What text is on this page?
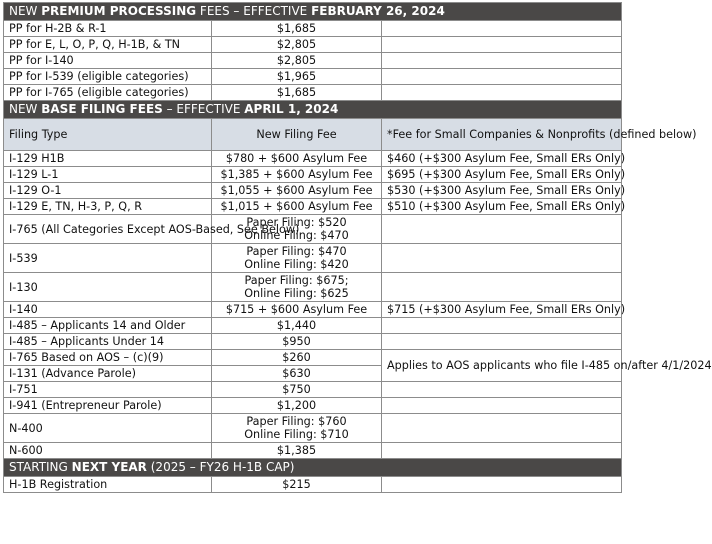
NEW PREMIUM PROCESSING FEES – EFFECTIVE FEBRUARY 26, 2024		
PP for H-2B & R-1	$1,685	
PP for E, L, O, P, Q, H-1B, & TN	$2,805	
PP for I-140	$2,805	
PP for I-539 (eligible categories)	$1,965	
PP for I-765 (eligible categories)	$1,685	
NEW BASE FILING FEES – EFFECTIVE APRIL 1, 2024		
Filing Type	New Filing Fee	*Fee for Small Companies & Nonprofits (defined below)
I-129 H1B	$780 + $600 Asylum Fee	$460 (+$300 Asylum Fee, Small ERs Only)
I-129 L-1	$1,385 + $600 Asylum Fee	$695 (+$300 Asylum Fee, Small ERs Only)
I-129 O-1	$1,055 + $600 Asylum Fee	$530 (+$300 Asylum Fee, Small ERs Only)
I-129 E, TN, H-3, P, Q, R	$1,015 + $600 Asylum Fee	$510 (+$300 Asylum Fee, Small ERs Only)
I-765 (All Categories Except AOS-Based, See Below)	Paper Filing: $520
Online Filing: $470	
I-539	Paper Filing: $470
Online Filing: $420	
I-130	Paper Filing: $675;
Online Filing: $625	
I-140	$715 + $600 Asylum Fee	$715 (+$300 Asylum Fee, Small ERs Only)
I-485 – Applicants 14 and Older	$1,440	
I-485 – Applicants Under 14	$950	
I-765 Based on AOS – (c)(9)	$260	Applies to AOS applicants who file I-485 on/after 4/1/2024
I-131 (Advance Parole)	$630	
I-751	$750	
I-941 (Entrepreneur Parole)	$1,200	
N-400	Paper Filing: $760
Online Filing: $710	
N-600	$1,385	
STARTING NEXT YEAR (2025 – FY26 H-1B CAP)		
H-1B Registration	$215	
